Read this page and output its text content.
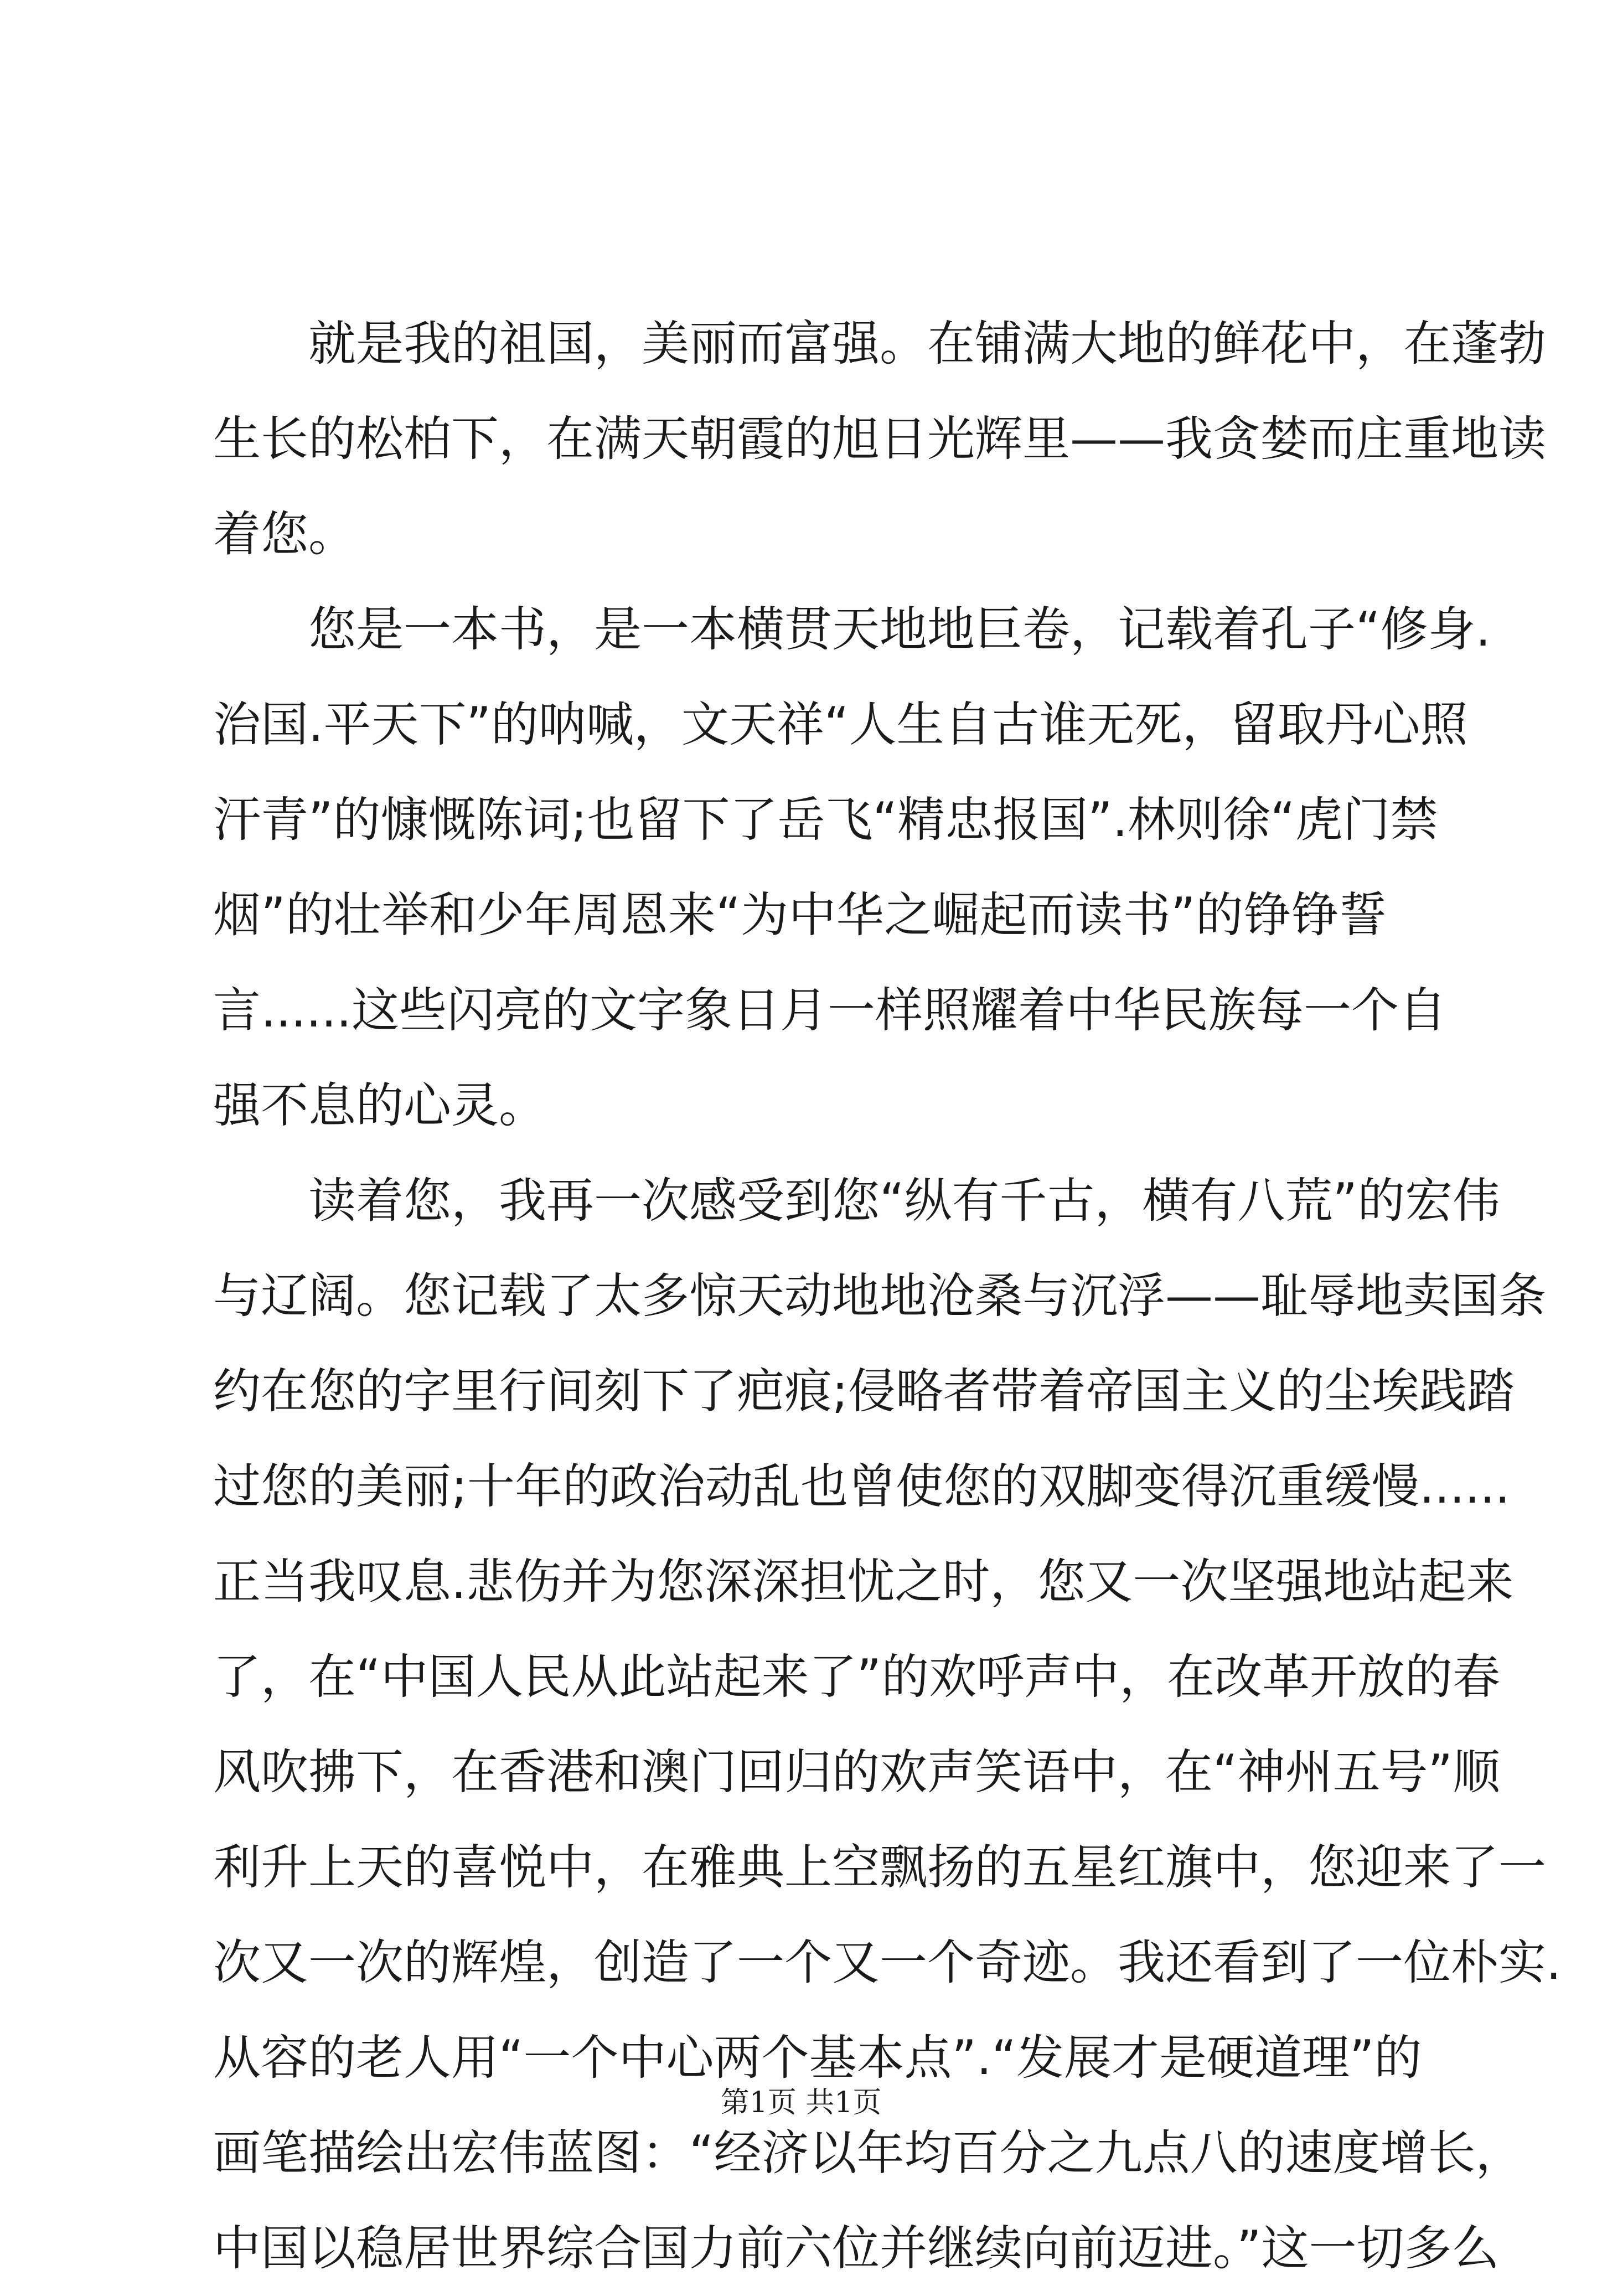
就是我的祖国，美丽而富强。在铺满大地的鲜花中，在蓬勃
生长的松柏下，在满天朝霞的旭日光辉里——我贪婪而庄重地读
着您。
您是一本书，是一本横贯天地地巨卷，记载着孔子“修身.
治国.平天下”的呐喊，文天祥“人生自古谁无死，留取丹心照
汗青”的慷慨陈词;也留下了岳飞“精忠报国”.林则徐“虎门禁
烟”的壮举和少年周恩来“为中华之崛起而读书”的铮铮誓
言......这些闪亮的文字象日月一样照耀着中华民族每一个自
强不息的心灵。
读着您，我再一次感受到您“纵有千古，横有八荒”的宏伟
与辽阔。您记载了太多惊天动地地沧桑与沉浮——耻辱地卖国条
约在您的字里行间刻下了疤痕;侵略者带着帝国主义的尘埃践踏
过您的美丽;十年的政治动乱也曾使您的双脚变得沉重缓慢......
正当我叹息.悲伤并为您深深担忧之时，您又一次坚强地站起来
了，在“中国人民从此站起来了”的欢呼声中，在改革开放的春
风吹拂下，在香港和澳门回归的欢声笑语中，在“神州五号”顺
利升上天的喜悦中，在雅典上空飘扬的五星红旗中，您迎来了一
次又一次的辉煌，创造了一个又一个奇迹。我还看到了一位朴实.
从容的老人用“一个中心两个基本点”.“发展才是硬道理”的
画笔描绘出宏伟蓝图：“经济以年均百分之九点八的速度增长，
中国以稳居世界综合国力前六位并继续向前迈进。”这一切多么
第1页 共1页
